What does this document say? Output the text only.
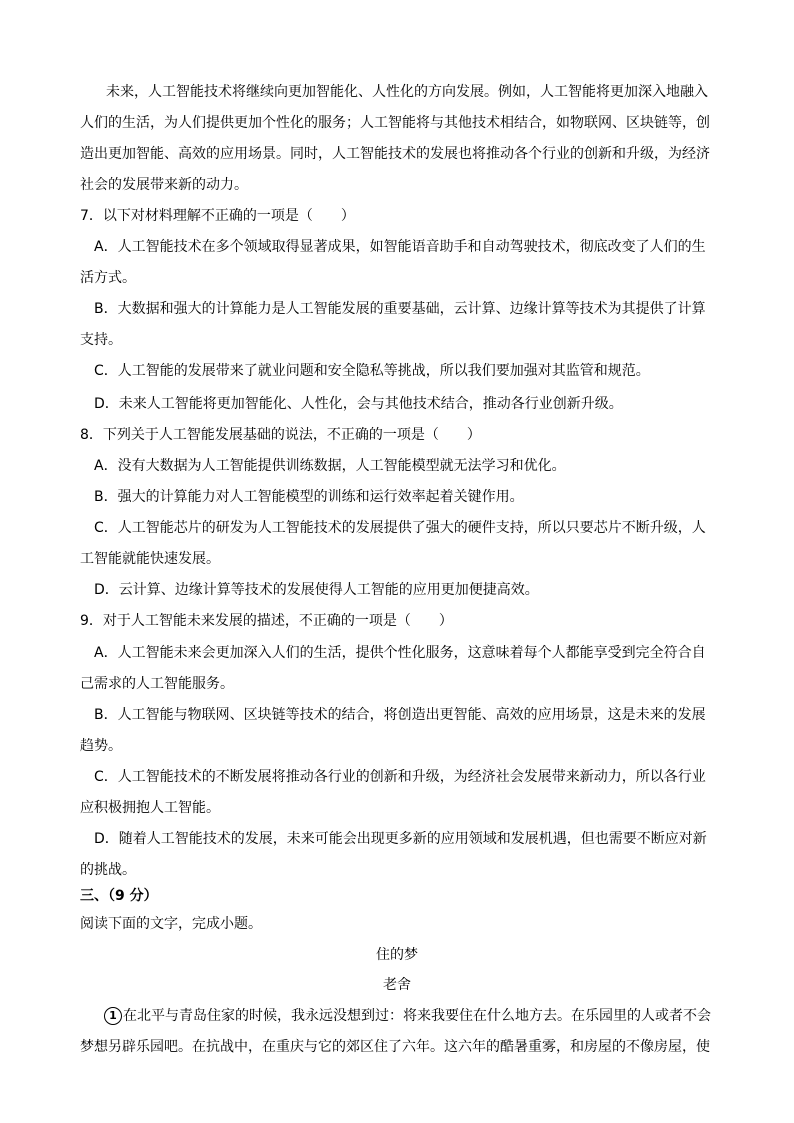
未来，人工智能技术将继续向更加智能化、人性化的方向发展。例如，人工智能将更加深入地融入
人们的生活，为人们提供更加个性化的服务；人工智能将与其他技术相结合，如物联网、区块链等，创
造出更加智能、高效的应用场景。同时，人工智能技术的发展也将推动各个行业的创新和升级，为经济
社会的发展带来新的动力。
7．以下对材料理解不正确的一项是（　　）
A．人工智能技术在多个领域取得显著成果，如智能语音助手和自动驾驶技术，彻底改变了人们的生
活方式。
B．大数据和强大的计算能力是人工智能发展的重要基础，云计算、边缘计算等技术为其提供了计算
支持。
C．人工智能的发展带来了就业问题和安全隐私等挑战，所以我们要加强对其监管和规范。
D．未来人工智能将更加智能化、人性化，会与其他技术结合，推动各行业创新升级。
8．下列关于人工智能发展基础的说法，不正确的一项是（　　）
A．没有大数据为人工智能提供训练数据，人工智能模型就无法学习和优化。
B．强大的计算能力对人工智能模型的训练和运行效率起着关键作用。
C．人工智能芯片的研发为人工智能技术的发展提供了强大的硬件支持，所以只要芯片不断升级，人
工智能就能快速发展。
D．云计算、边缘计算等技术的发展使得人工智能的应用更加便捷高效。
9．对于人工智能未来发展的描述，不正确的一项是（　　）
A．人工智能未来会更加深入人们的生活，提供个性化服务，这意味着每个人都能享受到完全符合自
己需求的人工智能服务。
B．人工智能与物联网、区块链等技术的结合，将创造出更智能、高效的应用场景，这是未来的发展
趋势。
C．人工智能技术的不断发展将推动各行业的创新和升级，为经济社会发展带来新动力，所以各行业
应积极拥抱人工智能。
D．随着人工智能技术的发展，未来可能会出现更多新的应用领域和发展机遇，但也需要不断应对新
的挑战。
三、（9 分）
阅读下面的文字，完成小题。
住的梦
老舍
1 在北平与青岛住家的时候，我永远没想到过：将来我要住在什么地方去。在乐园里的人或者不会
梦想另辟乐园吧。在抗战中，在重庆与它的郊区住了六年。这六年的酷暑重雾，和房屋的不像房屋，使
